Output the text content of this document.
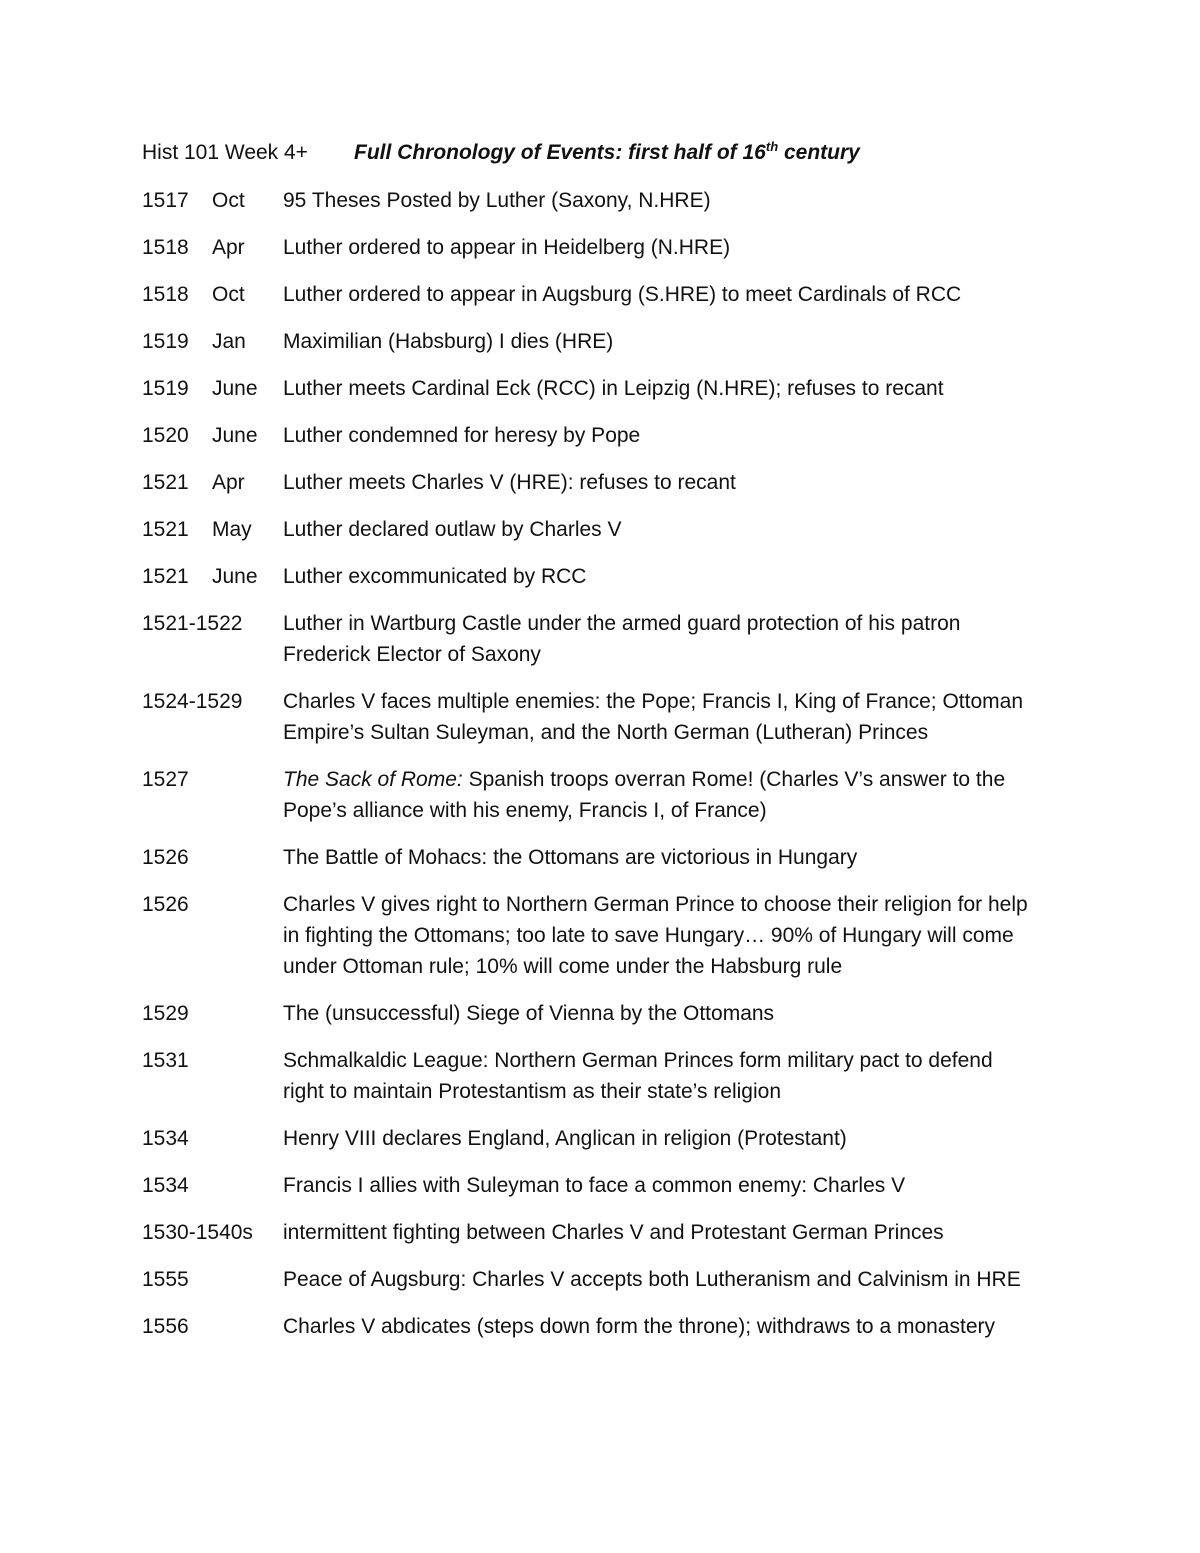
Hist 101 Week 4+	Full Chronology of Events: first half of 16th century
1517	Oct	95 Theses Posted by Luther (Saxony, N.HRE)
1518	Apr	Luther ordered to appear in Heidelberg (N.HRE)
1518	Oct	Luther ordered to appear in Augsburg (S.HRE) to meet Cardinals of RCC
1519	Jan	Maximilian (Habsburg) I dies (HRE)
1519	June	Luther meets Cardinal Eck (RCC) in Leipzig (N.HRE); refuses to recant
1520	June	Luther condemned for heresy by Pope
1521	Apr	Luther meets Charles V (HRE): refuses to recant
1521	May	Luther declared outlaw by Charles V
1521	June	Luther excommunicated by RCC
1521-1522	Luther in Wartburg Castle under the armed guard protection of his patron
Frederick Elector of Saxony
1524-1529	Charles V faces multiple enemies: the Pope; Francis I, King of France; Ottoman
Empire’s Sultan Suleyman, and the North German (Lutheran) Princes
1527	The Sack of Rome: Spanish troops overran Rome! (Charles V’s answer to the
Pope’s alliance with his enemy, Francis I, of France)
1526	The Battle of Mohacs: the Ottomans are victorious in Hungary
1526	Charles V gives right to Northern German Prince to choose their religion for help
in fighting the Ottomans; too late to save Hungary… 90% of Hungary will come
under Ottoman rule; 10% will come under the Habsburg rule
1529	The (unsuccessful) Siege of Vienna by the Ottomans
1531	Schmalkaldic League: Northern German Princes form military pact to defend
right to maintain Protestantism as their state’s religion
1534	Henry VIII declares England, Anglican in religion (Protestant)
1534	Francis I allies with Suleyman to face a common enemy: Charles V
1530-1540s	intermittent fighting between Charles V and Protestant German Princes
1555	Peace of Augsburg: Charles V accepts both Lutheranism and Calvinism in HRE
1556	Charles V abdicates (steps down form the throne); withdraws to a monastery
